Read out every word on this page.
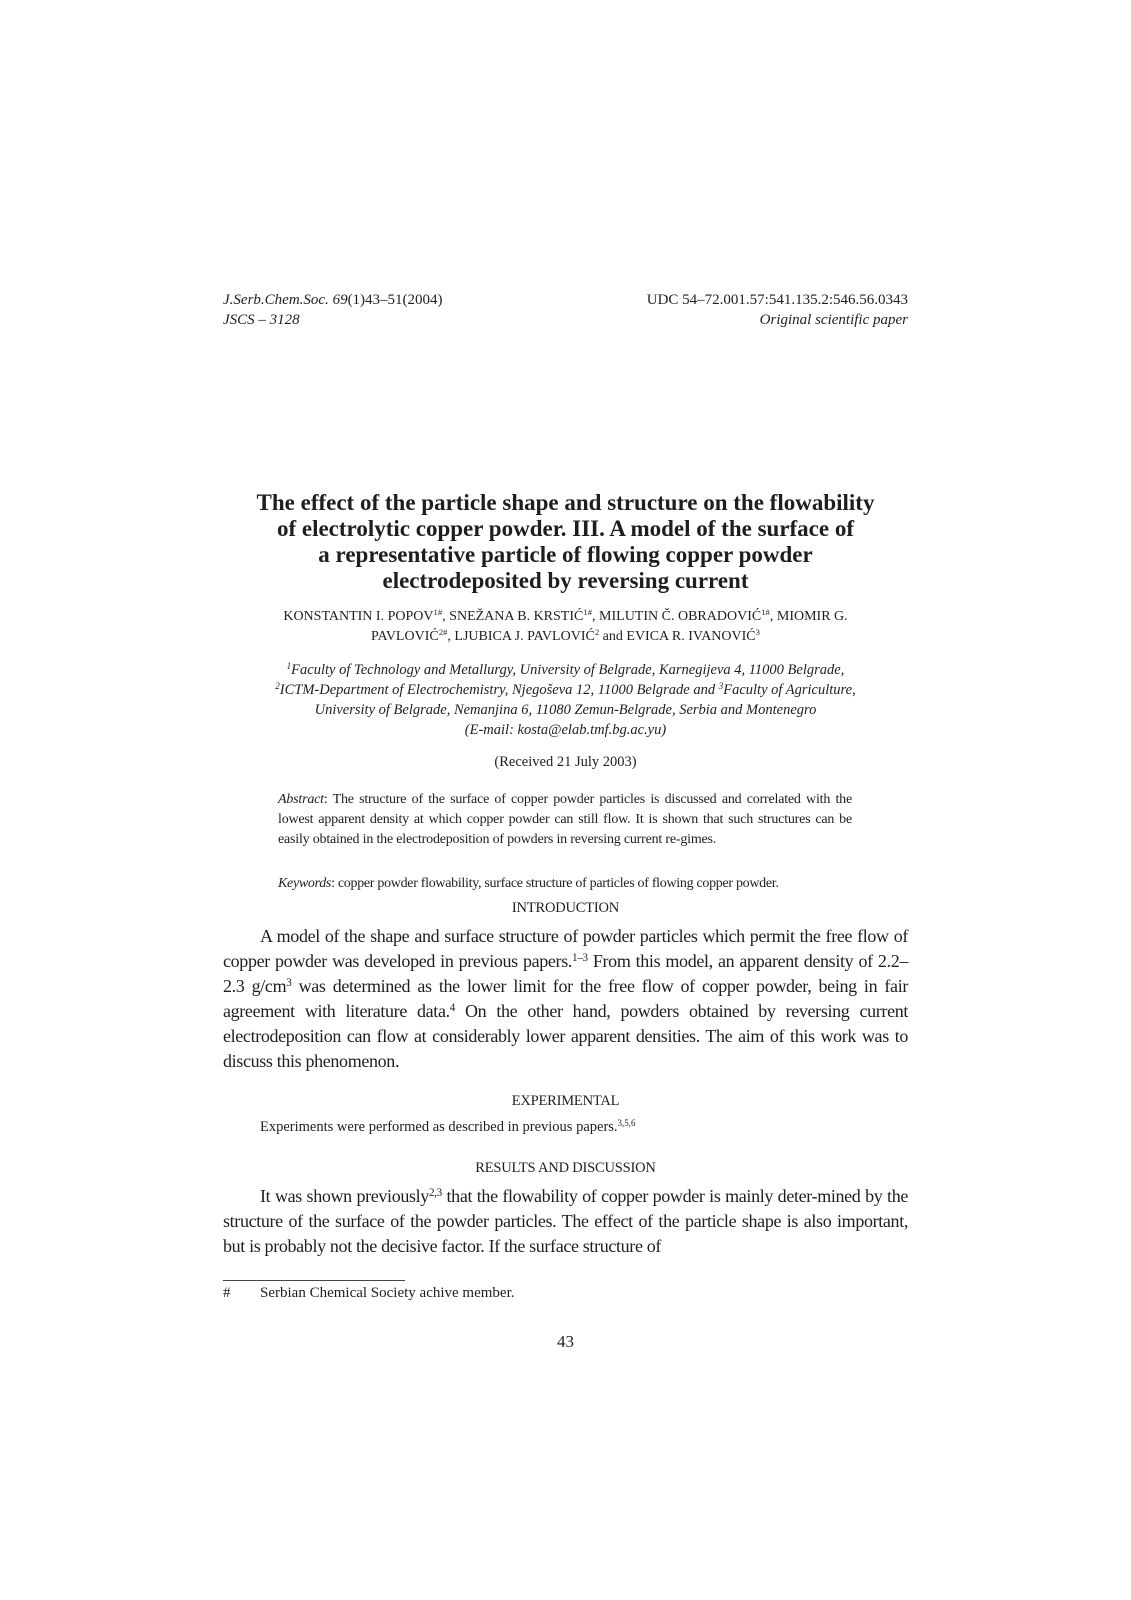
J.Serb.Chem.Soc. 69(1)43–51(2004)
JSCS – 3128
UDC 54–72.001.57:541.135.2:546.56.0343
Original scientific paper
The effect of the particle shape and structure on the flowability
of electrolytic copper powder. III. A model of the surface of
a representative particle of flowing copper powder
electrodeposited by reversing current
KONSTANTIN I. $POPOV^{1\#}$, SNEŽANA B. $KRSTIĆ^{1\#}$, MILUTIN Č. $OBRADOVIĆ^{1\#}$, MIOMIR G.
$PAVLOVIĆ^{2\#}$, LJUBICA J. PAVLOVIĆ$^2$ and EVICA R. IVANOVIĆ$^3$
$^1$Faculty of Technology and Metallurgy, University of Belgrade, Karnegijeva 4, 11000 Belgrade,
$^2$ICTM-Department of Electrochemistry, Njegoševa 12, 11000 Belgrade and $^3$Faculty of Agriculture,
University of Belgrade, Nemanjina 6, 11080 Zemun-Belgrade, Serbia and Montenegro
(E-mail: kosta@elab.tmf.bg.ac.yu)
(Received 21 July 2003)
Abstract: The structure of the surface of copper powder particles is discussed and correlated with the lowest apparent density at which copper powder can still flow. It is shown that such structures can be easily obtained in the electrodeposition of powders in reversing current re-gimes.
Keywords: copper powder flowability, surface structure of particles of flowing copper powder.
INTRODUCTION

A model of the shape and surface structure of powder particles which permit the free flow of copper powder was developed in previous papers.$^{1-3}$ From this model, an apparent density of 2.2–2.3 $g/cm^3$ was determined as the lower limit for the free flow of copper powder, being in fair agreement with literature data.$^4$ On the other hand, powders obtained by reversing current electrodeposition can flow at considerably lower apparent densities. The aim of this work was to discuss this phenomenon.

EXPERIMENTAL
Experiments were performed as described in previous papers.$^{3,5,6}$
RESULTS AND DISCUSSION

It was shown previously$^{2,3}$ that the flowability of copper powder is mainly deter-mined by the structure of the surface of the powder particles. The effect of the particle shape is also important, but is probably not the decisive factor. If the surface structure of

# Serbian Chemical Society achive member.
43
